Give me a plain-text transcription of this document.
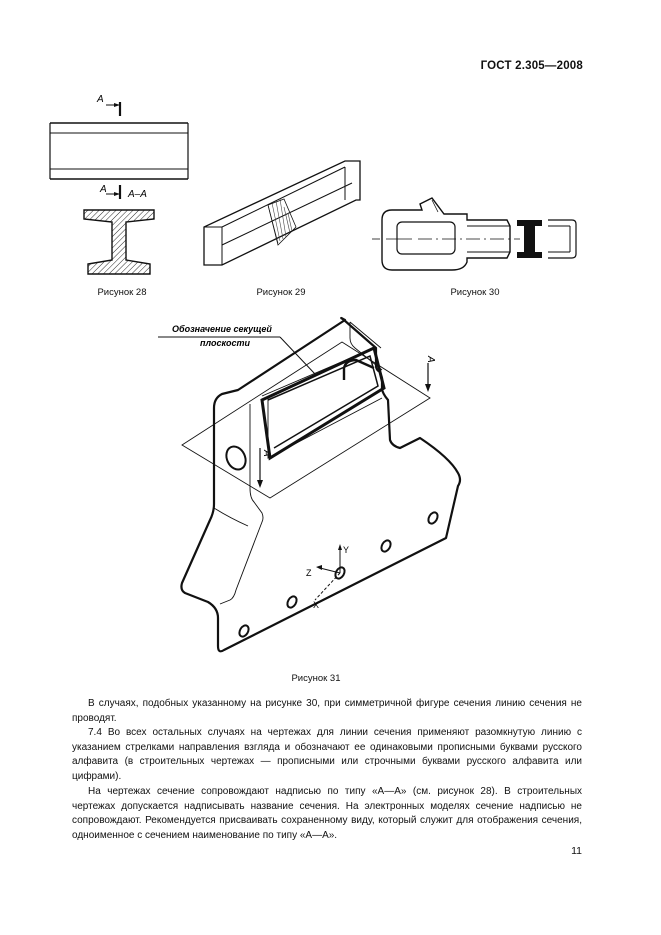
ГОСТ 2.305—2008
А
А А–А
Рисунок 28	Рисунок 29	Рисунок 30
Обозначение секущей
плоскости
А
А
Y
Z
X
Рисунок 31

В случаях, подобных указанному на рисунке 30, при симметричной фигуре сечения линию сечения не проводят.

7.4 Во всех остальных случаях на чертежах для линии сечения применяют разомкнутую линию с указанием стрелками направления взгляда и обозначают ее одинаковыми прописными буквами русского алфавита (в строительных чертежах — прописными или строчными буквами русского алфавита или цифрами).

На чертежах сечение сопровождают надписью по типу «А—А» (см. рисунок 28). В строительных чертежах допускается надписывать название сечения. На электронных моделях сечение надписью не сопровождают. Рекомендуется присваивать сохраненному виду, который служит для отображения сечения, одноименное с сечением наименование по типу «А—А».

11
